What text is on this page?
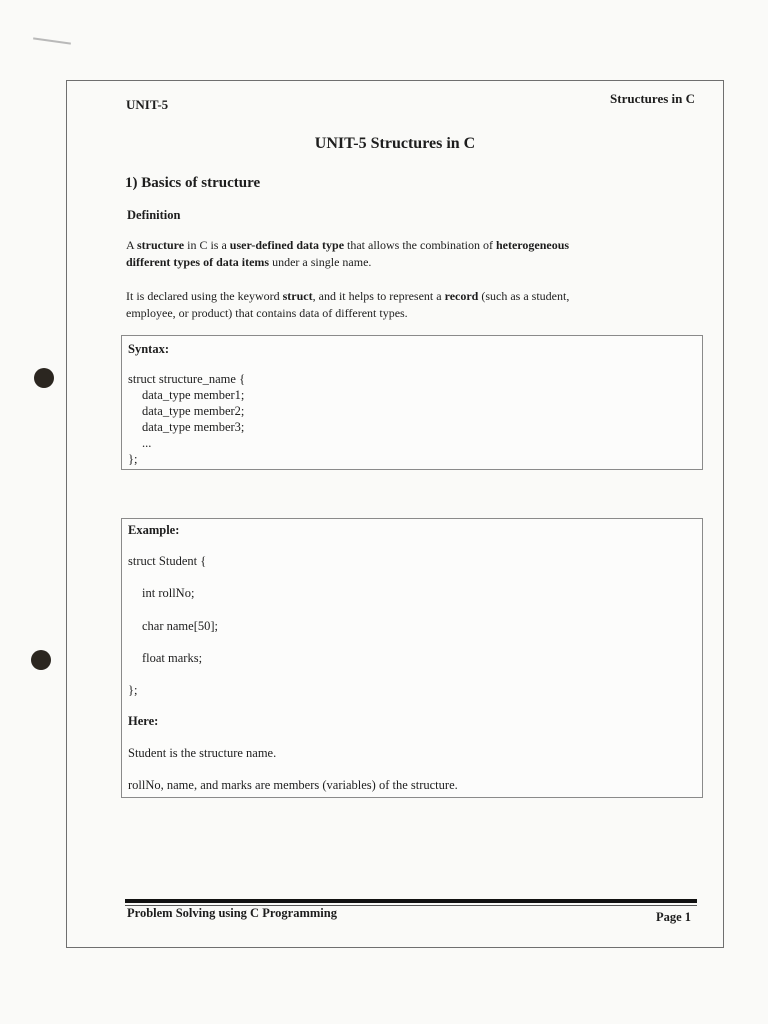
UNIT-5	Structures in C
UNIT-5 Structures in C
1) Basics of structure
Definition
A structure in C is a user-defined data type that allows the combination of heterogeneous
different types of data items under a single name.
It is declared using the keyword struct, and it helps to represent a record (such as a student,
employee, or product) that contains data of different types.
Syntax:
struct structure_name {
data_type member1;
data_type member2;
data_type member3;
...
};
Example:
struct Student {
int rollNo;
char name[50];
float marks;
};
Here:
Student is the structure name.
rollNo, name, and marks are members (variables) of the structure.
Problem Solving using C Programming	Page 1
